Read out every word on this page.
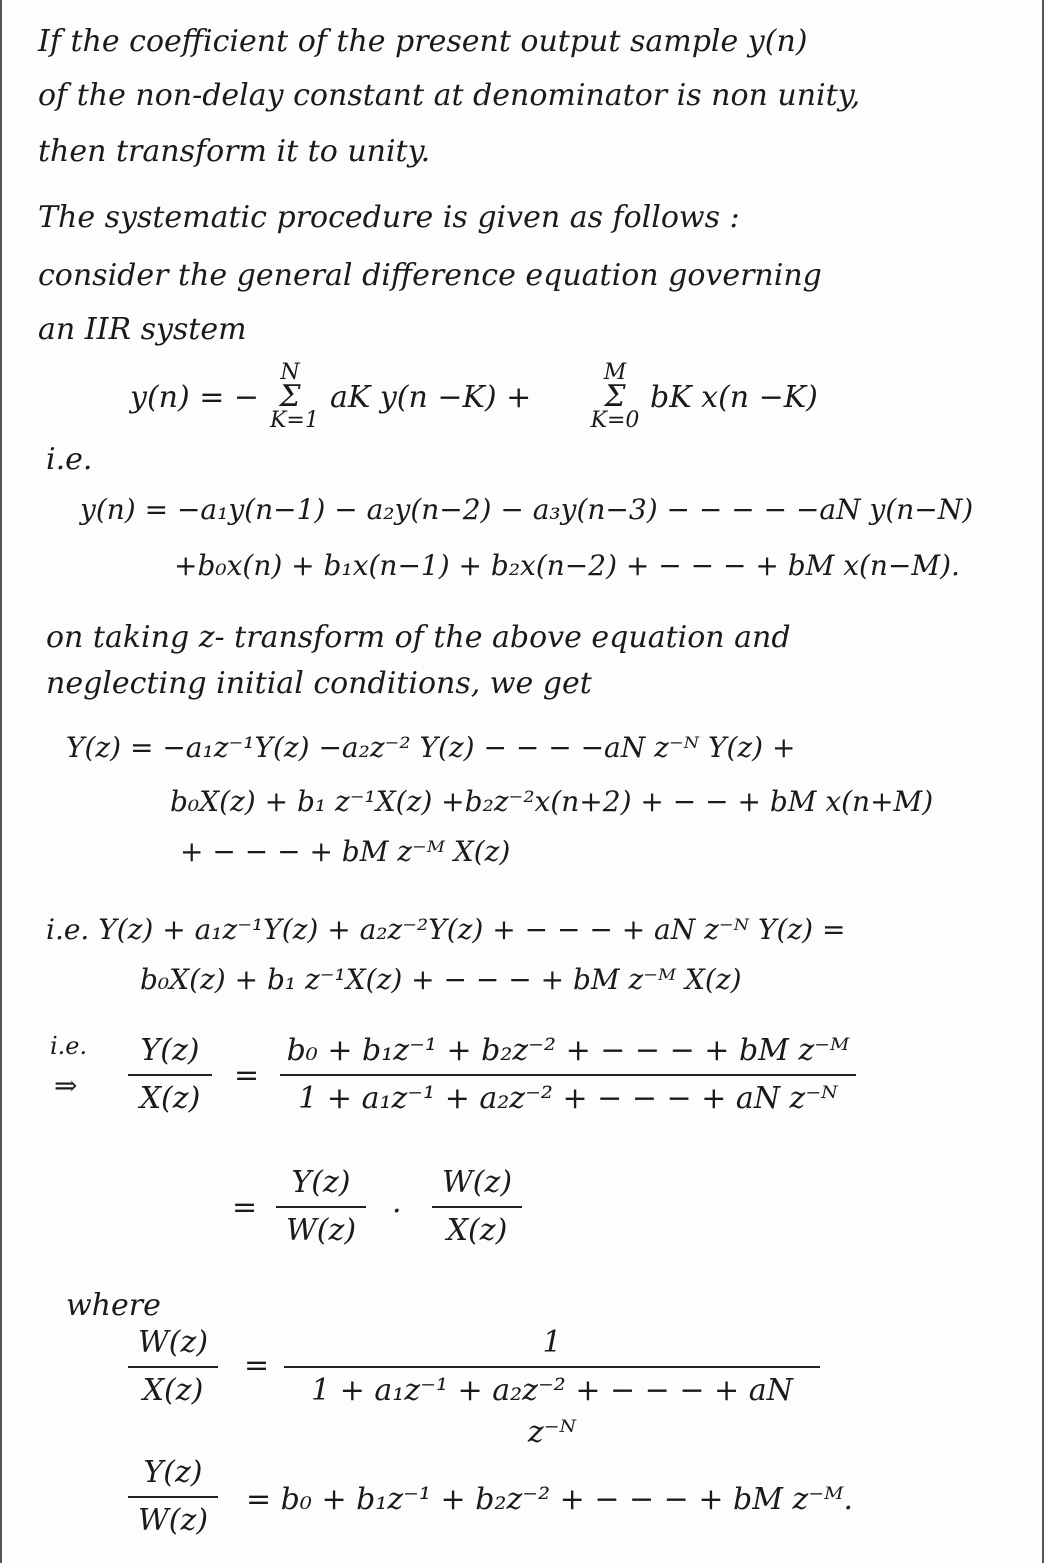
If the coefficient of the present output sample y(n)
of the non-delay constant at denominator is non unity,
then transform it to unity.
The systematic procedure is given as follows :
consider the general difference equation governing
an IIR system
y(n) = −
N
Σ
K=1
aK y(n −K) +
M
Σ
K=0
bK x(n −K)
i.e.
y(n) = −a₁y(n−1) − a₂y(n−2) − a₃y(n−3) − − − − −aN y(n−N)
+b₀x(n) + b₁x(n−1) + b₂x(n−2) + − − − + bM x(n−M).
on taking z- transform of the above equation and
neglecting initial conditions, we get
Y(z) = −a₁z⁻¹Y(z) −a₂z⁻² Y(z) − − − −aN z⁻ᴺ Y(z) +
b₀X(z) + b₁ z⁻¹X(z) +b₂z⁻²x(n+2) + − − + bM x(n+M)
+ − − − + bM z⁻ᴹ X(z)
i.e. Y(z) + a₁z⁻¹Y(z) + a₂z⁻²Y(z) + − − − + aN z⁻ᴺ Y(z) =
b₀X(z) + b₁ z⁻¹X(z) + − − − + bM z⁻ᴹ X(z)
i.e.
⇒
Y(z)
X(z)
=
b₀ + b₁z⁻¹ + b₂z⁻² + − − − + bM z⁻ᴹ
1 + a₁z⁻¹ + a₂z⁻² + − − − + aN z⁻ᴺ
=
Y(z)
W(z)
·
W(z)
X(z)
where
W(z)
X(z)
=
1
1 + a₁z⁻¹ + a₂z⁻² + − − − + aN z⁻ᴺ
Y(z)
W(z)
= b₀ + b₁z⁻¹ + b₂z⁻² + − − − + bM z⁻ᴹ.
